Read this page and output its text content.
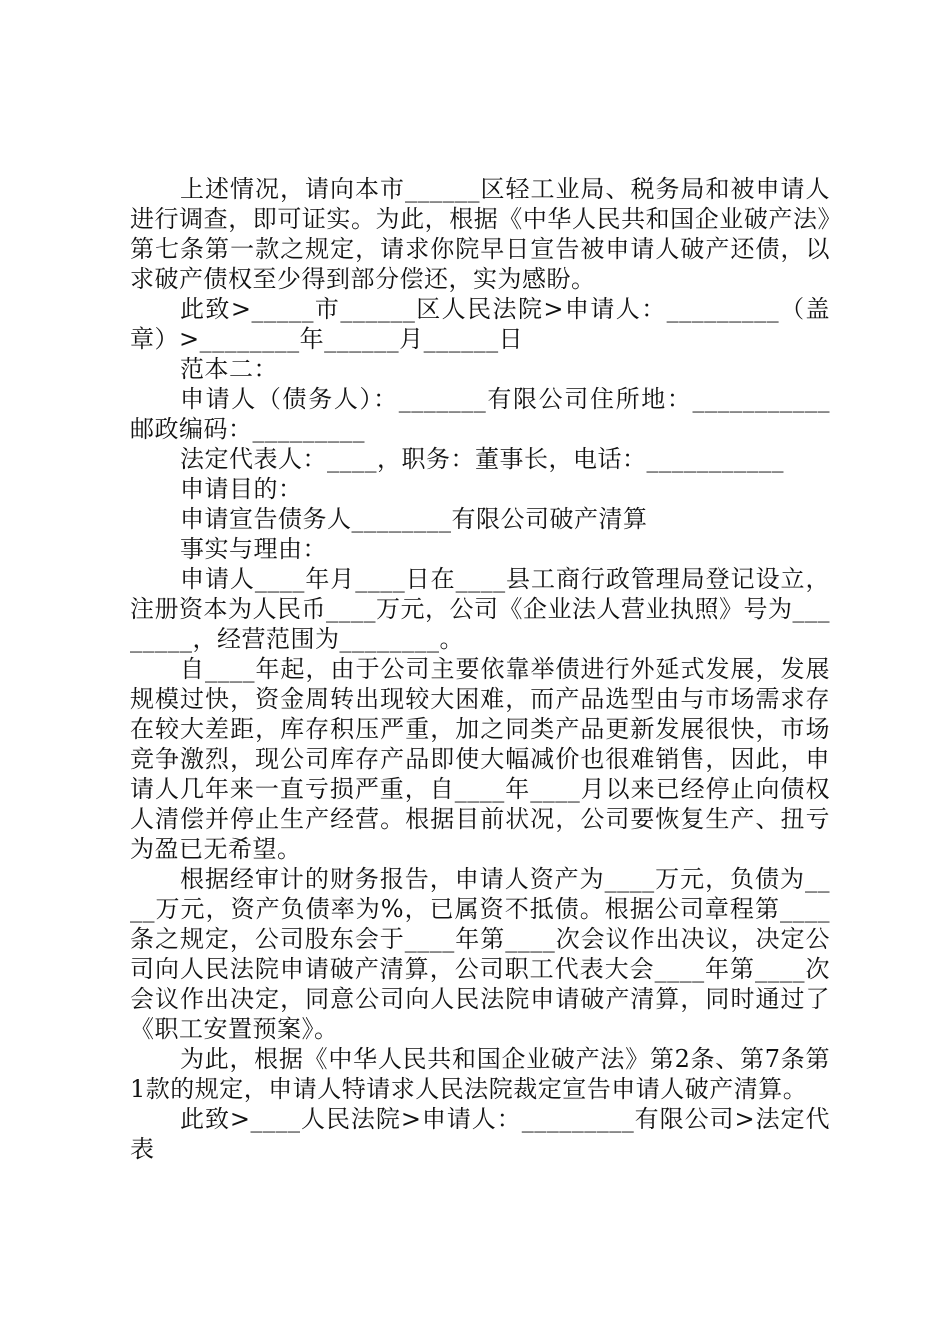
上述情况，请向本市______区轻工业局、税务局和被申请人进行调查，即可证实。为此，根据《中华人民共和国企业破产法》第七条第一款之规定，请求你院早日宣告被申请人破产还债，以求破产债权至少得到部分偿还，实为感盼。

此致>_____市______区人民法院>申请人：_________（盖章）>________年______月______日

范本二：

申请人（债务人）：_______有限公司住所地：___________邮政编码：_________

法定代表人：____，职务：董事长，电话：___________

申请目的：

申请宣告债务人________有限公司破产清算

事实与理由：

申请人____年月____日在____县工商行政管理局登记设立，注册资本为人民币____万元，公司《企业法人营业执照》号为________，经营范围为________。

自____年起，由于公司主要依靠举债进行外延式发展，发展规模过快，资金周转出现较大困难，而产品选型由与市场需求存在较大差距，库存积压严重，加之同类产品更新发展很快，市场竞争激烈，现公司库存产品即使大幅减价也很难销售，因此，申请人几年来一直亏损严重，自____年____月以来已经停止向债权人清偿并停止生产经营。根据目前状况，公司要恢复生产、扭亏为盈已无希望。

根据经审计的财务报告，申请人资产为____万元，负债为____万元，资产负债率为%，已属资不抵债。根据公司章程第____条之规定，公司股东会于____年第____次会议作出决议，决定公司向人民法院申请破产清算，公司职工代表大会____年第____次会议作出决定，同意公司向人民法院申请破产清算，同时通过了《职工安置预案》。

为此，根据《中华人民共和国企业破产法》第2条、第7条第1款的规定，申请人特请求人民法院裁定宣告申请人破产清算。

此致>____人民法院>申请人：_________有限公司>法定代表
